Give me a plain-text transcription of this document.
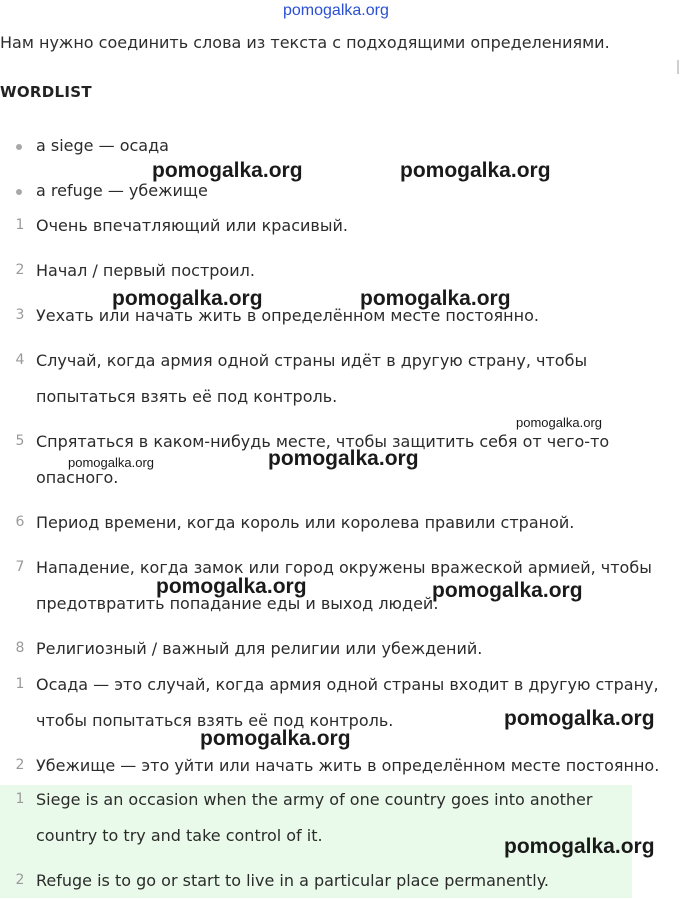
pomogalka.org
Нам нужно соединить слова из текста с подходящими определениями.
WORDLIST
a siege — осада
a refuge — убежище
1 Очень впечатляющий или красивый.
2 Начал / первый построил.
3 Уехать или начать жить в определённом месте постоянно.
4 Случай, когда армия одной страны идёт в другую страну, чтобы
попытаться взять её под контроль.
5 Спрятаться в каком-нибудь месте, чтобы защитить себя от чего-то
опасного.
6 Период времени, когда король или королева правили страной.
7 Нападение, когда замок или город окружены вражеской армией, чтобы
предотвратить попадание еды и выход людей.
8 Религиозный / важный для религии или убеждений.
1 Осада — это случай, когда армия одной страны входит в другую страну,
чтобы попытаться взять её под контроль.
2 Убежище — это уйти или начать жить в определённом месте постоянно.
1 Siege is an occasion when the army of one country goes into another
country to try and take control of it.
2 Refuge is to go or start to live in a particular place permanently.
pomogalka.org	pomogalka.org
pomogalka.org	pomogalka.org
pomogalka.org
pomogalka.org	pomogalka.org
pomogalka.org	pomogalka.org
pomogalka.org
pomogalka.org
pomogalka.org
